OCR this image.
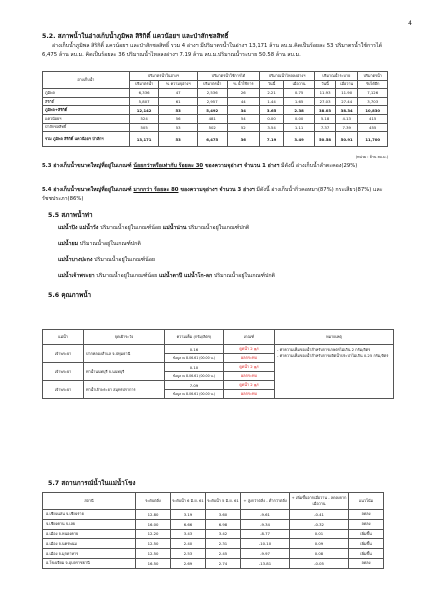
4
5.2. สภาพน้ำในอ่างเก็บน้ำภูมิพล สิริกิติ์ แควน้อยฯ และป่าสักชลสิทธิ์
อ่างเก็บน้ำภูมิพล สิริกิติ์ แควน้อยฯ และป่าสักชลสิทธิ์ รวม 4 อ่างฯ มีปริมาตรน้ำในอ่างฯ 13,171 ล้าน ลบ.ม.คิดเป็นร้อยละ 53 ปริมาตรน้ำใช้การได้ 6,475 ล้าน ลบ.ม. คิดเป็นร้อยละ 36 ปริมาณน้ำไหลลงอ่างฯ 7.19 ล้าน ลบ.ม.ปริมาณน้ำระบาย 50.58 ล้าน ลบ.ม.
อ่างเก็บน้ำ	ปริมาตรน้ำในอ่างฯ		ปริมาตรน้ำใช้การได้		ปริมาณน้ำไหลลงอ่างฯ		ปริมาณน้ำระบาย		ปริมาตรน้ำ
	ปริมาตรน้ำ	% ความจุอ่างฯ	ปริมาตรน้ำ	% น้ำใช้การ	วันนี้	เมื่อวาน	วันนี้	เมื่อวาน	รับได้อีก
ภูมิพล	6,336	47	2,536	26	2.21	0.75	11.93	11.90	7,126
สิริกิติ์	5,807	61	2,957	44	1.44	1.65	27.03	27.44	3,703
ภูมิพล+สิริกิติ์	12,142	53	5,492	34	3.65	2.38	38.03	38.34	10,830
แควน้อยฯ	524	56	481	54	0.00	0.00	5.18	4.13	415
ป่าสักชลสิทธิ์	505	53	502	52	3.54	1.11	7.37	7.39	455
รวม ภูมิพล สิริกิติ์ แควน้อยฯ ป่าสักฯ	13,171	53	6,475	36	7.19	3.49	50.58	50.91	11,700
(หน่วย : ล้าน ลบ.ม.)
5.3 อ่างเก็บน้ำขนาดใหญ่ที่อยู่ในเกณฑ์ น้อยกว่าหรือเท่ากับ ร้อยละ 30 ของความจุอ่างฯ จำนวน 1 อ่างฯ มีดังนี้ อ่างเก็บน้ำลำตะคอง(29%)
5.4 อ่างเก็บน้ำขนาดใหญ่ที่อยู่ในเกณฑ์ มากกว่า ร้อยละ 80 ของความจุอ่างฯ จำนวน 3 อ่างฯ มีดังนี้ อ่างเก็บน้ำกิ่วคอหมา(87%) กระเสียว(87%) และรัชชประภา(86%)
5.5 สภาพน้ำท่า
แม่น้ำปิง แม่น้ำวัง ปริมาณน้ำอยู่ในเกณฑ์น้อย แม่น้ำน่าน ปริมาณน้ำอยู่ในเกณฑ์ปกติ
แม่น้ำยม ปริมาณน้ำอยู่ในเกณฑ์ปกติ
แม่น้ำบางปะกง ปริมาณน้ำอยู่ในเกณฑ์น้อย
แม่น้ำเจ้าพระยา ปริมาณน้ำอยู่ในเกณฑ์น้อย แม่น้ำตาปี แม่น้ำโก-ลก ปริมาณน้ำอยู่ในเกณฑ์ปกติ
5.6 คุณภาพน้ำ
แม่น้ำ	จุดเฝ้าระวัง	ความเค็ม (กรัม/ลิตร)	เกณฑ์	หมายเหตุ
เจ้าพระยา	ปากคลองสำแล จ.ปทุมธานี	0.16	ดูดน้ำ 2 g/l	- ค่าความเค็มของน้ำสำหรับการเกษตรไม่เกิน 2 กรัม/ลิตร
- ค่าความเค็มของน้ำสำหรับการผลิตน้ำประปาไม่เกิน 0.25 กรัม/ลิตร

		ข้อมูล ณ 8.06.61 (00.00 น.)	ผลกระทบ	
เจ้าพระยา	ท่าน้ำนนทบุรี จ.นนทบุรี	0.10	ดูดน้ำ 2 g/l	
		ข้อมูล ณ 8.06.61 (00.00 น.)	ผลกระทบ	
เจ้าพระยา	ท่าน้ำเจ้าพระยา สมุทรปราการ	7.09	ดูดน้ำ 2 g/l	
		ข้อมูล ณ 8.06.61 (00.00 น.)	ผลกระทบ	
5.7 สถานการณ์น้ำในแม่น้ำโขง
สถานี	ระดับตลิ่ง	ระดับน้ำ 6 มิ.ย. 61	ระดับน้ำ 5 มิ.ย. 61	+ สูงกว่าตลิ่ง - ต่ำกว่าตลิ่ง	+ เพิ่มขึ้นจากเมื่อวาน - ลดลงจากเมื่อวาน	แนวโน้ม
อ.เชียงแสน จ.เชียงราย	12.80	3.19	3.60	-9.61	-0.41	ลดลง
จ.เชียงคาน จ.เลย	16.00	6.66	6.98	-9.34	-0.32	ลดลง
อ.เมือง จ.หนองคาย	12.20	3.43	3.42	-8.77	0.01	เพิ่มขึ้น
อ.เมือง จ.นครพนม	12.50	2.40	2.31	-10.10	0.09	เพิ่มขึ้น
อ.เมือง จ.มุกดาหาร	12.50	2.53	2.45	-9.97	0.08	เพิ่มขึ้น
อ.โขงเจียม จ.อุบลราชธานี	16.50	2.69	2.74	-13.81	-0.05	ลดลง
